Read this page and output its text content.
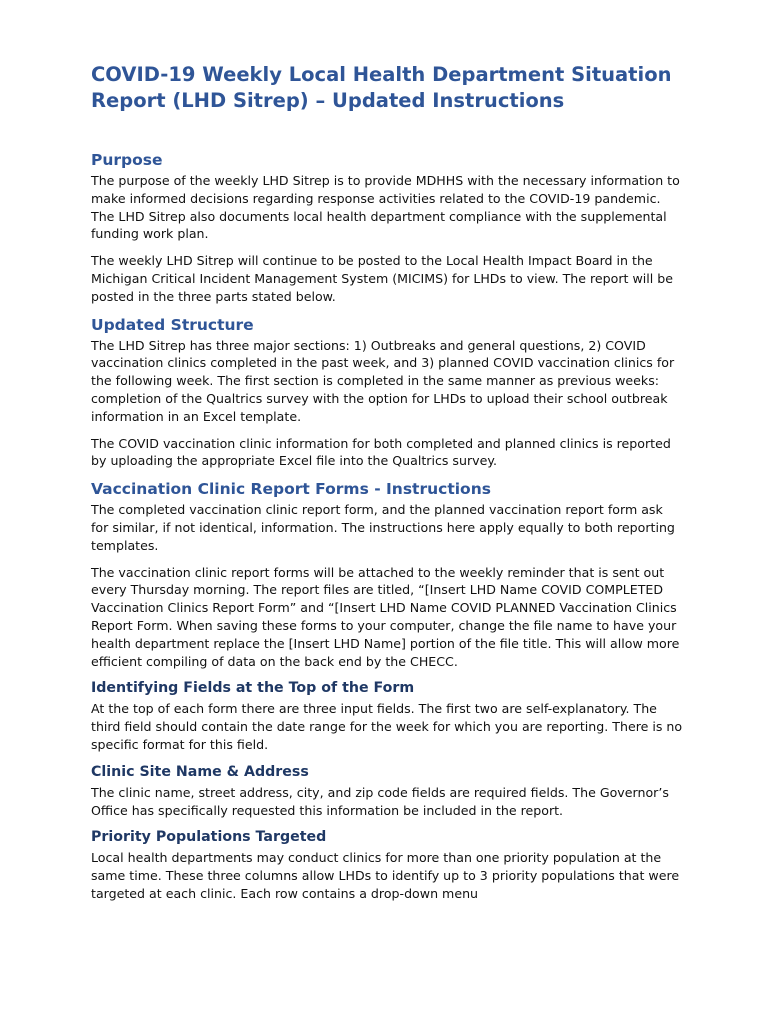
COVID-19 Weekly Local Health Department Situation Report (LHD Sitrep) – Updated Instructions
Purpose

The purpose of the weekly LHD Sitrep is to provide MDHHS with the necessary information to make informed decisions regarding response activities related to the COVID-19 pandemic. The LHD Sitrep also documents local health department compliance with the supplemental funding work plan.

The weekly LHD Sitrep will continue to be posted to the Local Health Impact Board in the Michigan Critical Incident Management System (MICIMS) for LHDs to view. The report will be posted in the three parts stated below.

Updated Structure

The LHD Sitrep has three major sections: 1) Outbreaks and general questions, 2) COVID vaccination clinics completed in the past week, and 3) planned COVID vaccination clinics for the following week. The first section is completed in the same manner as previous weeks: completion of the Qualtrics survey with the option for LHDs to upload their school outbreak information in an Excel template.

The COVID vaccination clinic information for both completed and planned clinics is reported by uploading the appropriate Excel file into the Qualtrics survey.

Vaccination Clinic Report Forms - Instructions

The completed vaccination clinic report form, and the planned vaccination report form ask for similar, if not identical, information. The instructions here apply equally to both reporting templates.

The vaccination clinic report forms will be attached to the weekly reminder that is sent out every Thursday morning. The report files are titled, “[Insert LHD Name COVID COMPLETED Vaccination Clinics Report Form” and “[Insert LHD Name COVID PLANNED Vaccination Clinics Report Form. When saving these forms to your computer, change the file name to have your health department replace the [Insert LHD Name] portion of the file title. This will allow more efficient compiling of data on the back end by the CHECC.

Identifying Fields at the Top of the Form

At the top of each form there are three input fields. The first two are self-explanatory. The third field should contain the date range for the week for which you are reporting. There is no specific format for this field.

Clinic Site Name & Address

The clinic name, street address, city, and zip code fields are required fields. The Governor’s Office has specifically requested this information be included in the report.

Priority Populations Targeted

Local health departments may conduct clinics for more than one priority population at the same time. These three columns allow LHDs to identify up to 3 priority populations that were targeted at each clinic. Each row contains a drop-down menu
